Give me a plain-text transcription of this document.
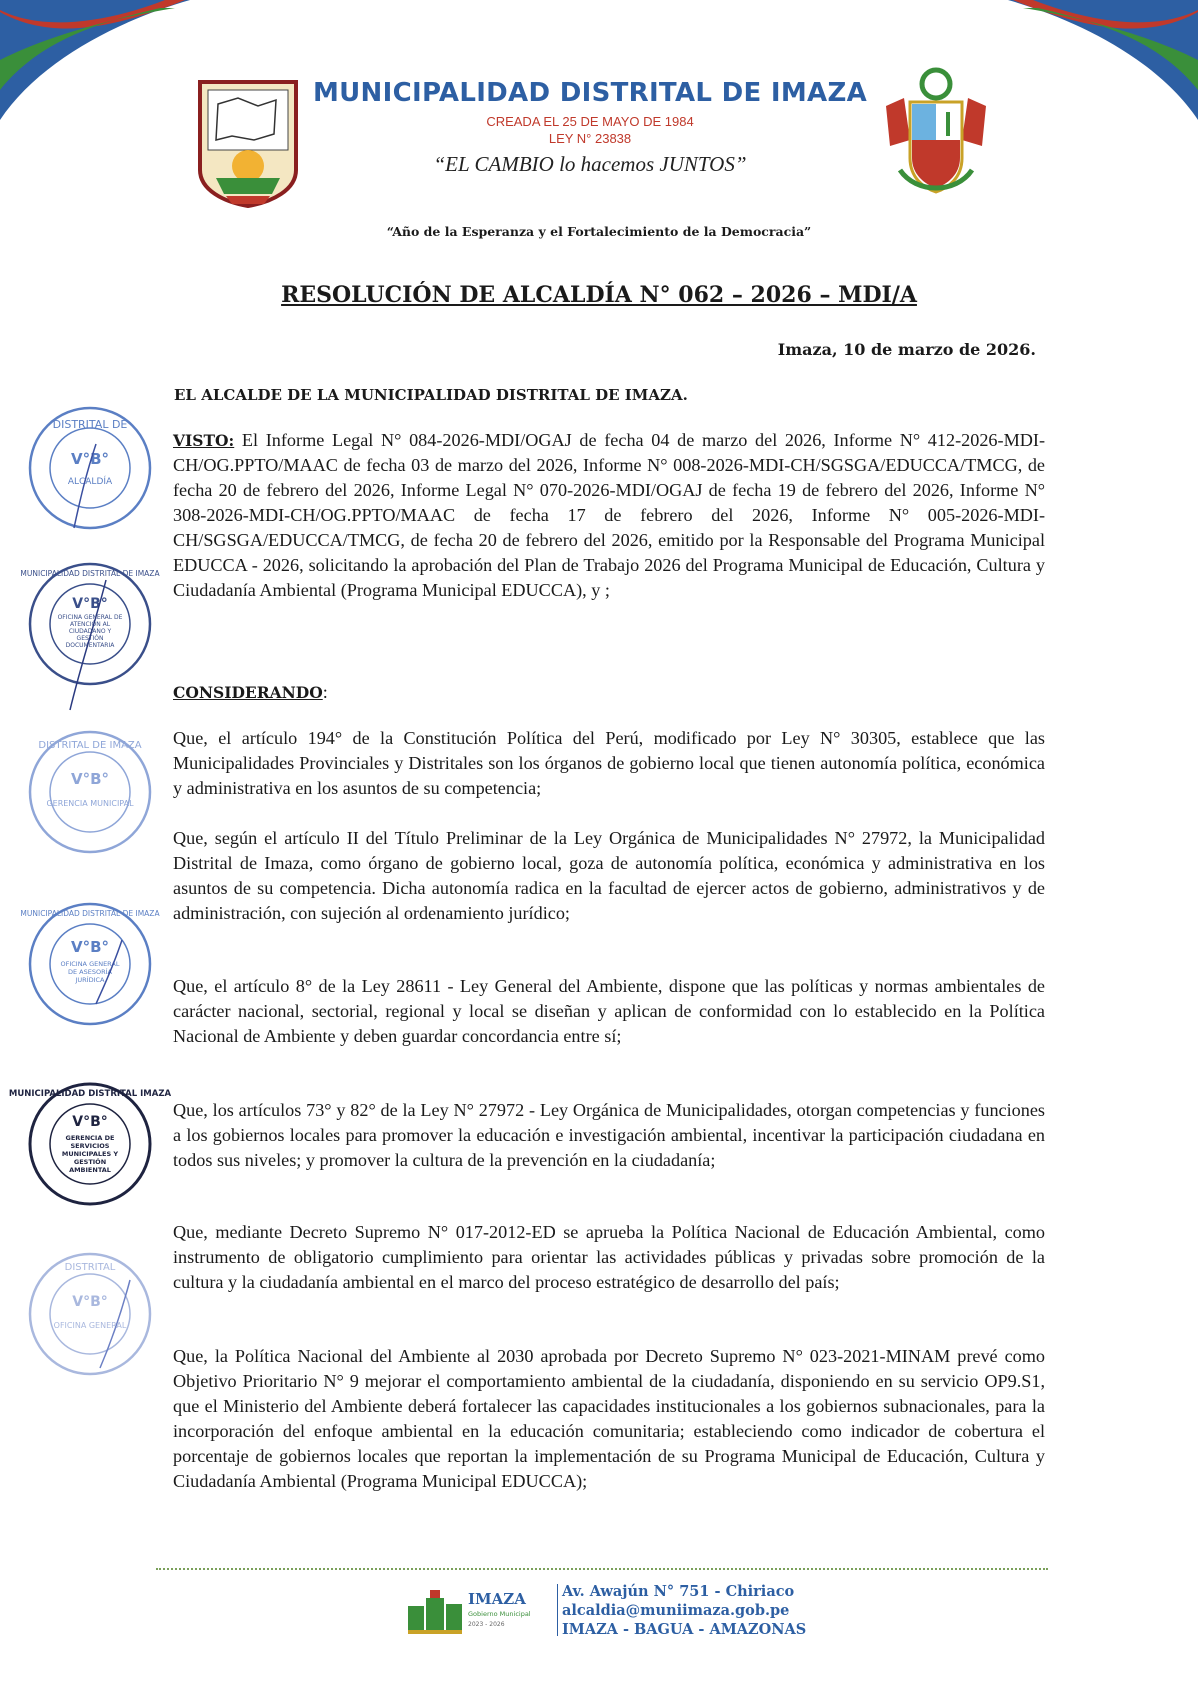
MUNICIPALIDAD DISTRITAL DE IMAZA
CREADA EL 25 DE MAYO DE 1984
LEY N° 23838
“EL CAMBIO lo hacemos JUNTOS”
“Año de la Esperanza y el Fortalecimiento de la Democracia”
RESOLUCIÓN DE ALCALDÍA N° 062 – 2026 – MDI/A
Imaza, 10 de marzo de 2026.
EL ALCALDE DE LA MUNICIPALIDAD DISTRITAL DE IMAZA.

VISTO: El Informe Legal N° 084-2026-MDI/OGAJ de fecha 04 de marzo del 2026, Informe N° 412-2026-MDI-CH/OG.PPTO/MAAC de fecha 03 de marzo del 2026, Informe N° 008-2026-MDI-CH/SGSGA/EDUCCA/TMCG, de fecha 20 de febrero del 2026, Informe Legal N° 070-2026-MDI/OGAJ de fecha 19 de febrero del 2026, Informe N° 308-2026-MDI-CH/OG.PPTO/MAAC de fecha 17 de febrero del 2026, Informe N° 005-2026-MDI-CH/SGSGA/EDUCCA/TMCG, de fecha 20 de febrero del 2026, emitido por la Responsable del Programa Municipal EDUCCA - 2026, solicitando la aprobación del Plan de Trabajo 2026 del Programa Municipal de Educación, Cultura y Ciudadanía Ambiental (Programa Municipal EDUCCA), y ;

CONSIDERANDO:

Que, el artículo 194° de la Constitución Política del Perú, modificado por Ley N° 30305, establece que las Municipalidades Provinciales y Distritales son los órganos de gobierno local que tienen autonomía política, económica y administrativa en los asuntos de su competencia;

Que, según el artículo II del Título Preliminar de la Ley Orgánica de Municipalidades N° 27972, la Municipalidad Distrital de Imaza, como órgano de gobierno local, goza de autonomía política, económica y administrativa en los asuntos de su competencia. Dicha autonomía radica en la facultad de ejercer actos de gobierno, administrativos y de administración, con sujeción al ordenamiento jurídico;

Que, el artículo 8° de la Ley 28611 - Ley General del Ambiente, dispone que las políticas y normas ambientales de carácter nacional, sectorial, regional y local se diseñan y aplican de conformidad con lo establecido en la Política Nacional de Ambiente y deben guardar concordancia entre sí;

Que, los artículos 73° y 82° de la Ley N° 27972 - Ley Orgánica de Municipalidades, otorgan competencias y funciones a los gobiernos locales para promover la educación e investigación ambiental, incentivar la participación ciudadana en todos sus niveles; y promover la cultura de la prevención en la ciudadanía;

Que, mediante Decreto Supremo N° 017-2012-ED se aprueba la Política Nacional de Educación Ambiental, como instrumento de obligatorio cumplimiento para orientar las actividades públicas y privadas sobre promoción de la cultura y la ciudadanía ambiental en el marco del proceso estratégico de desarrollo del país;

Que, la Política Nacional del Ambiente al 2030 aprobada por Decreto Supremo N° 023-2021-MINAM prevé como Objetivo Prioritario N° 9 mejorar el comportamiento ambiental de la ciudadanía, disponiendo en su servicio OP9.S1, que el Ministerio del Ambiente deberá fortalecer las capacidades institucionales a los gobiernos subnacionales, para la incorporación del enfoque ambiental en la educación comunitaria; estableciendo como indicador de cobertura el porcentaje de gobiernos locales que reportan la implementación de su Programa Municipal de Educación, Cultura y Ciudadanía Ambiental (Programa Municipal EDUCCA);

DISTRITAL DE
V°B°
ALCALDÍA
MUNICIPALIDAD DISTRITAL DE IMAZA
V°B°
OFICINA GENERAL DE ATENCIÓN AL CIUDADANO Y GESTIÓN DOCUMENTARIA
DISTRITAL DE IMAZA
V°B°
GERENCIA MUNICIPAL
MUNICIPALIDAD DISTRITAL DE IMAZA
V°B°
OFICINA GENERAL DE ASESORÍA JURÍDICA
MUNICIPALIDAD DISTRITAL IMAZA
V°B°
GERENCIA DE SERVICIOS MUNICIPALES Y GESTIÓN AMBIENTAL
DISTRITAL
V°B°
OFICINA GENERAL
IMAZA
Gobierno Municipal
2023 - 2026
Av. Awajún N° 751 - Chiriaco
alcaldia@muniimaza.gob.pe
IMAZA - BAGUA - AMAZONAS
